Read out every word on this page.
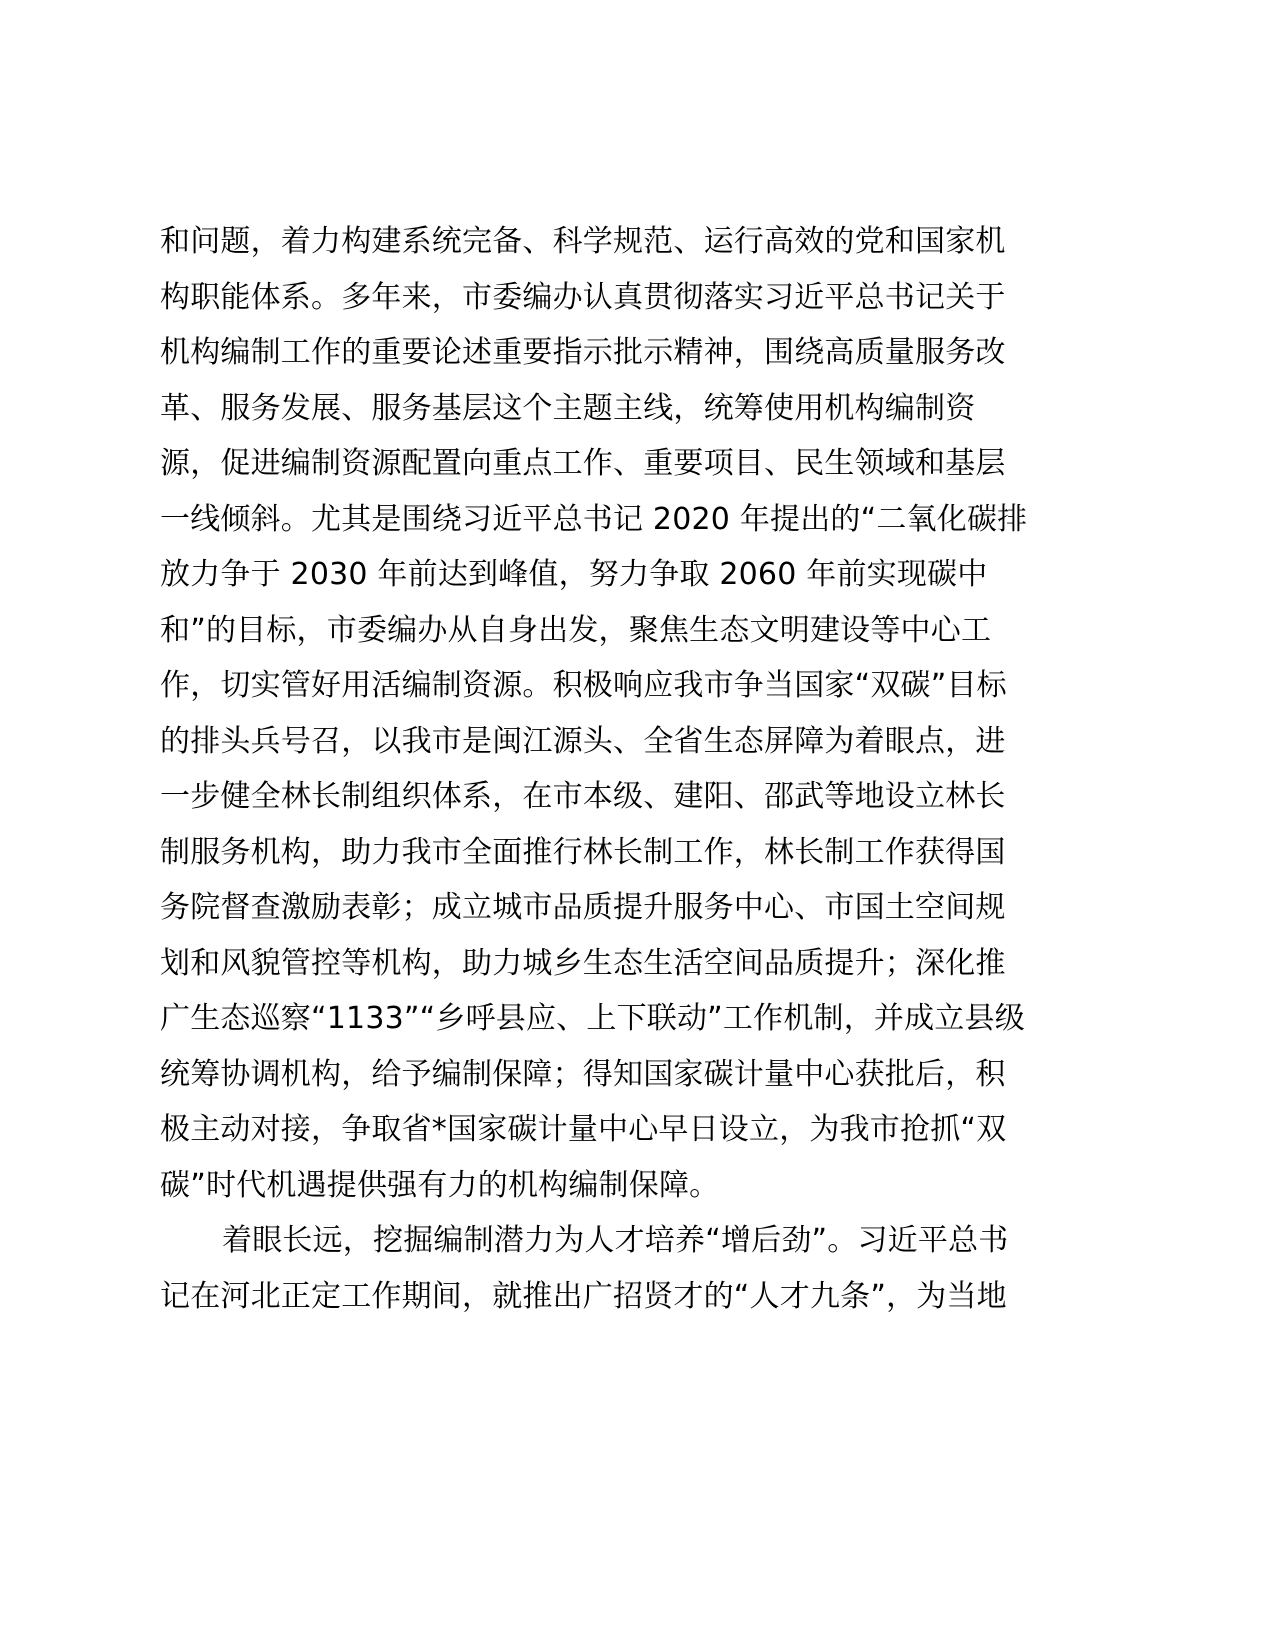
和问题，着力构建系统完备、科学规范、运行高效的党和国家机
构职能体系。多年来，市委编办认真贯彻落实习近平总书记关于
机构编制工作的重要论述重要指示批示精神，围绕高质量服务改
革、服务发展、服务基层这个主题主线，统筹使用机构编制资
源，促进编制资源配置向重点工作、重要项目、民生领域和基层
一线倾斜。尤其是围绕习近平总书记 2020 年提出的“二氧化碳排
放力争于 2030 年前达到峰值，努力争取 2060 年前实现碳中
和”的目标，市委编办从自身出发，聚焦生态文明建设等中心工
作，切实管好用活编制资源。积极响应我市争当国家“双碳”目标
的排头兵号召，以我市是闽江源头、全省生态屏障为着眼点，进
一步健全林长制组织体系，在市本级、建阳、邵武等地设立林长
制服务机构，助力我市全面推行林长制工作，林长制工作获得国
务院督查激励表彰；成立城市品质提升服务中心、市国土空间规
划和风貌管控等机构，助力城乡生态生活空间品质提升；深化推
广生态巡察“1133”“乡呼县应、上下联动”工作机制，并成立县级
统筹协调机构，给予编制保障；得知国家碳计量中心获批后，积
极主动对接，争取省*国家碳计量中心早日设立，为我市抢抓“双
碳”时代机遇提供强有力的机构编制保障。
着眼长远，挖掘编制潜力为人才培养“增后劲”。习近平总书
记在河北正定工作期间，就推出广招贤才的“人才九条”，为当地
